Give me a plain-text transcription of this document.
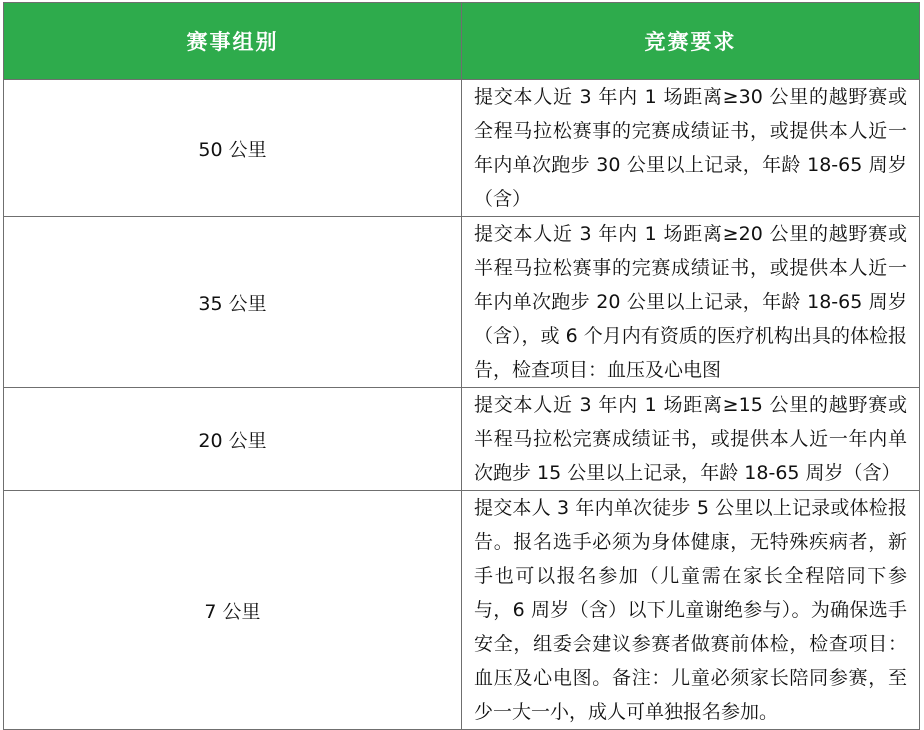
赛事组别	竞赛要求
50 公里	提交本人近 3 年内 1 场距离≥30 公里的越野赛或全程马拉松赛事的完赛成绩证书，或提供本人近一年内单次跑步 30 公里以上记录，年龄 18-65 周岁（含）
35 公里	提交本人近 3 年内 1 场距离≥20 公里的越野赛或半程马拉松赛事的完赛成绩证书，或提供本人近一年内单次跑步 20 公里以上记录，年龄 18-65 周岁（含），或 6 个月内有资质的医疗机构出具的体检报告，检查项目：血压及心电图
20 公里	提交本人近 3 年内 1 场距离≥15 公里的越野赛或半程马拉松完赛成绩证书，或提供本人近一年内单次跑步 15 公里以上记录，年龄 18-65 周岁（含）
7 公里	提交本人 3 年内单次徒步 5 公里以上记录或体检报告。报名选手必须为身体健康，无特殊疾病者，新手也可以报名参加（儿童需在家长全程陪同下参与，6 周岁（含）以下儿童谢绝参与）。为确保选手安全，组委会建议参赛者做赛前体检，检查项目：血压及心电图。备注：儿童必须家长陪同参赛，至少一大一小，成人可单独报名参加。
